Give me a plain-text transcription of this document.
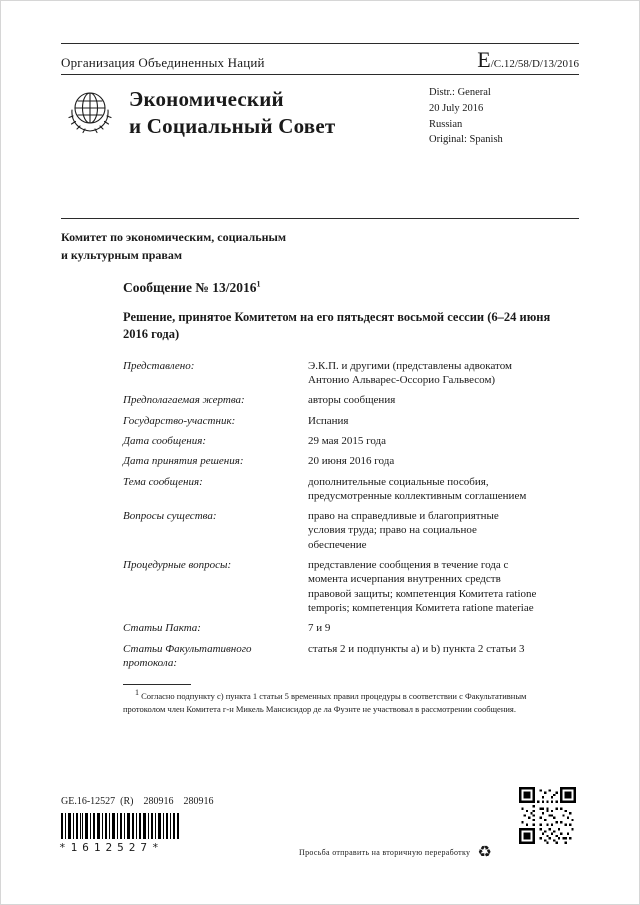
Организация Объединенных Наций	E/C.12/58/D/13/2016
Экономический
и Социальный Совет
Distr.: General
20 July 2016
Russian
Original: Spanish
Комитет по экономическим, социальным
и культурным правам
Сообщение № 13/2016$^1$
Решение, принятое Комитетом на его пятьдесят восьмой сессии (6–24 июня 2016 года)
Представлено:	Э.К.П. и другими (представлены адвокатом Антонио Альварес-Оссорио Гальвесом)
Предполагаемая жертва:	авторы сообщения
Государство-участник:	Испания
Дата сообщения:	29 мая 2015 года
Дата принятия решения:	20 июня 2016 года
Тема сообщения:	дополнительные социальные пособия, предусмотренные коллективным соглашением
Вопросы существа:	право на справедливые и благоприятные условия труда; право на социальное обеспечение
Процедурные вопросы:	представление сообщения в течение года с момента исчерпания внутренних средств правовой защиты; компетенция Комитета ratione temporis; компетенция Комитета ratione materiae
Статьи Пакта:	7 и 9
Статьи Факультативного протокола:
статья 2 и подпункты a) и b) пункта 2 статьи 3
$^1$ Согласно подпункту c) пункта 1 статьи 5 временных правил процедуры в соответствии с Факультативным протоколом член Комитета г-н Микель Мансисидор де ла Фуэнте не участвовал в рассмотрении сообщения.
GE.16-12527  (R)    280916    280916
*1612527*	Просьба отправить на вторичную переработку ♻
